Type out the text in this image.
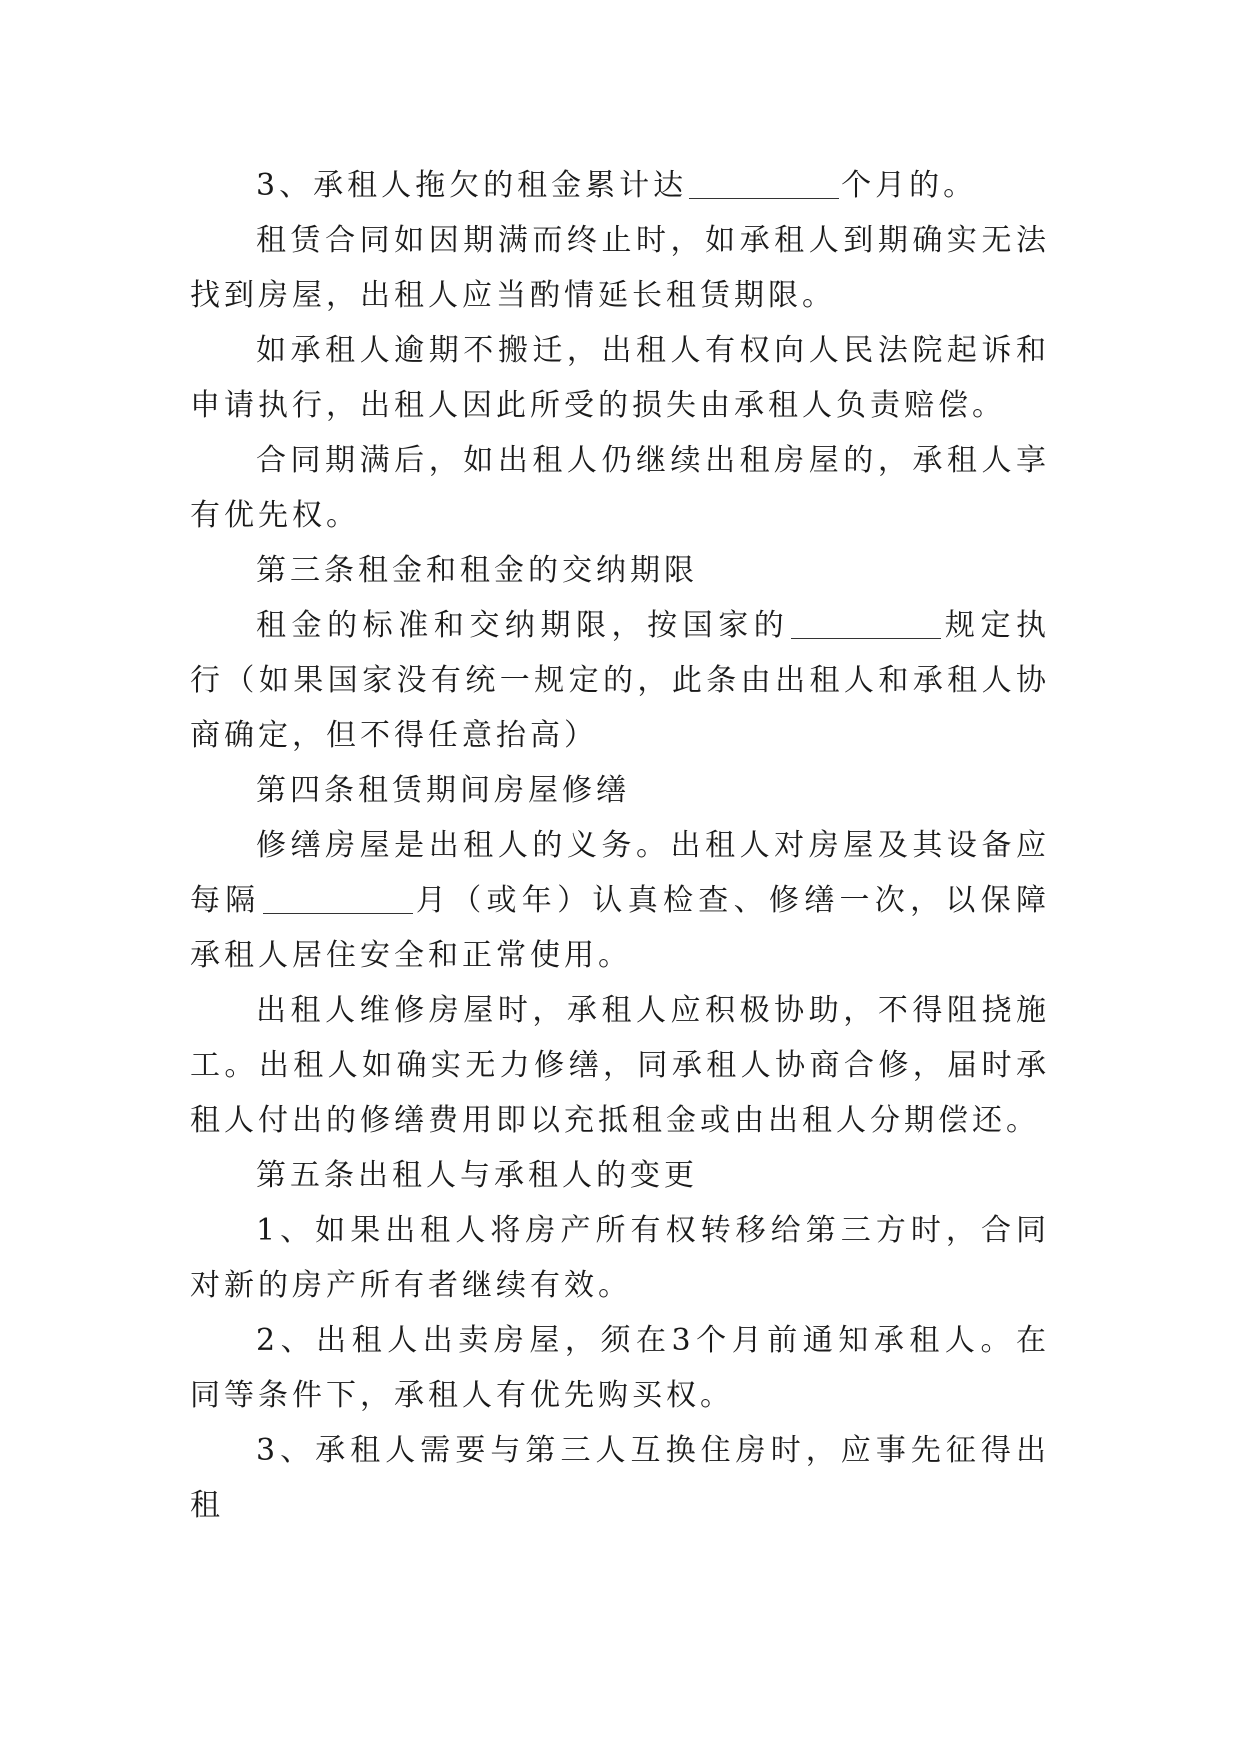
3、承租人拖欠的租金累计达	个月的。

租赁合同如因期满而终止时，如承租人到期确实无法找到房屋，出租人应当酌情延长租赁期限。

如承租人逾期不搬迁，出租人有权向人民法院起诉和申请执行，出租人因此所受的损失由承租人负责赔偿。

合同期满后，如出租人仍继续出租房屋的，承租人享有优先权。

第三条租金和租金的交纳期限

租金的标准和交纳期限，按国家的	规定执行（如果国家没有统一规定的，此条由出租人和承租人协商确定，但不得任意抬高）

第四条租赁期间房屋修缮

修缮房屋是出租人的义务。出租人对房屋及其设备应每隔	月（或年）认真检查、修缮一次，以保障承租人居住安全和正常使用。

出租人维修房屋时，承租人应积极协助，不得阻挠施工。出租人如确实无力修缮，同承租人协商合修，届时承租人付出的修缮费用即以充抵租金或由出租人分期偿还。

第五条出租人与承租人的变更

1、如果出租人将房产所有权转移给第三方时，合同对新的房产所有者继续有效。

2、出租人出卖房屋，须在3个月前通知承租人。在同等条件下，承租人有优先购买权。

3、承租人需要与第三人互换住房时，应事先征得出租
